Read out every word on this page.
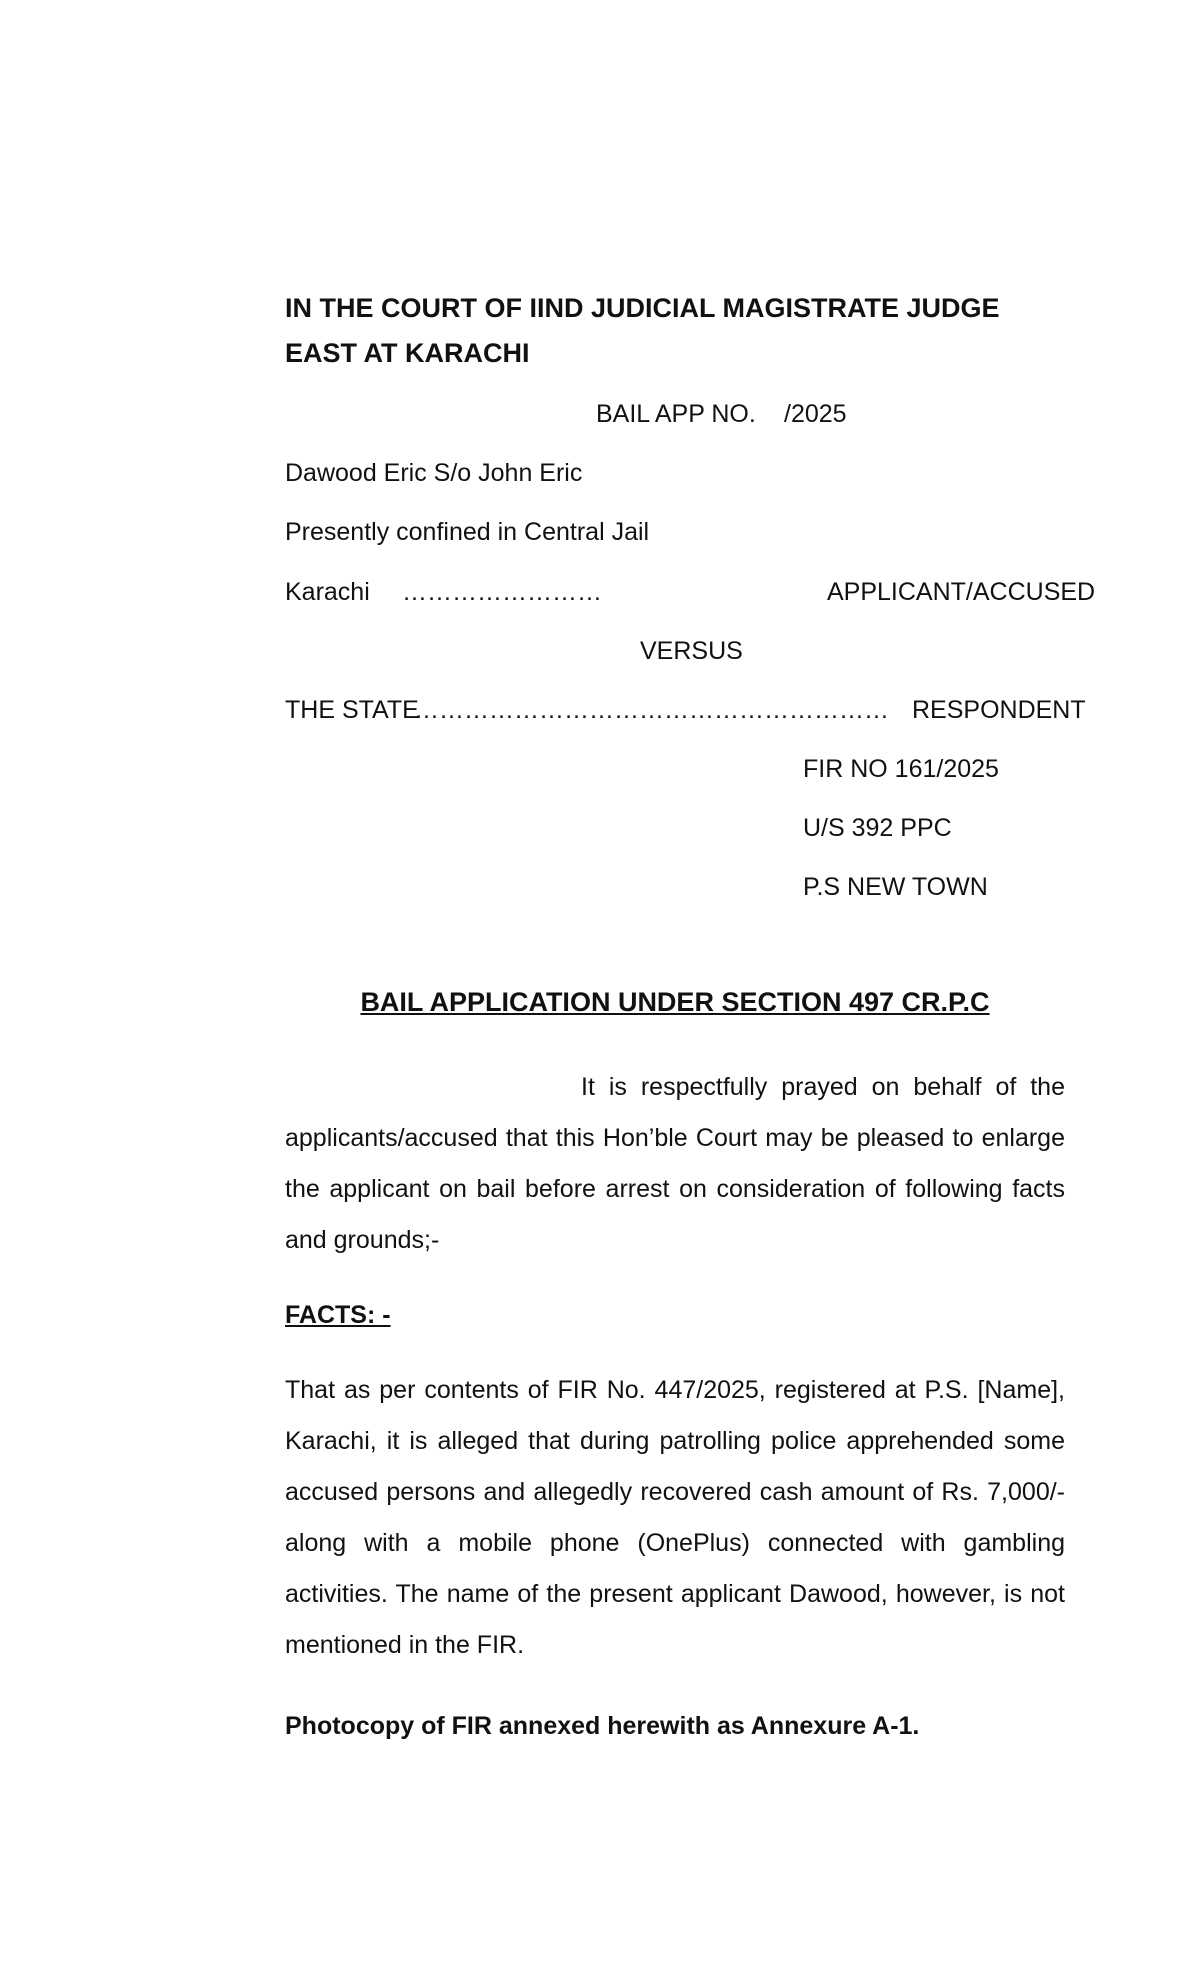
IN THE COURT OF IIND JUDICIAL MAGISTRATE JUDGE EAST AT KARACHI
BAIL APP NO. /2025
Dawood Eric S/o John Eric
Presently confined in Central Jail
Karachi ……………………	APPLICANT/ACCUSED
VERSUS
THE STATE
………………………………………………… RESPONDENT
FIR NO 161/2025
U/S 392 PPC
P.S NEW TOWN
BAIL APPLICATION UNDER SECTION 497 CR.P.C

It is respectfully prayed on behalf of the applicants/accused that this Hon’ble Court may be pleased to enlarge the applicant on bail before arrest on consideration of following facts and grounds;-

FACTS: -

That as per contents of FIR No. 447/2025, registered at P.S. [Name], Karachi, it is alleged that during patrolling police apprehended some accused persons and allegedly recovered cash amount of Rs. 7,000/- along with a mobile phone (OnePlus) connected with gambling activities. The name of the present applicant Dawood, however, is not mentioned in the FIR.

Photocopy of FIR annexed herewith as Annexure A-1.
